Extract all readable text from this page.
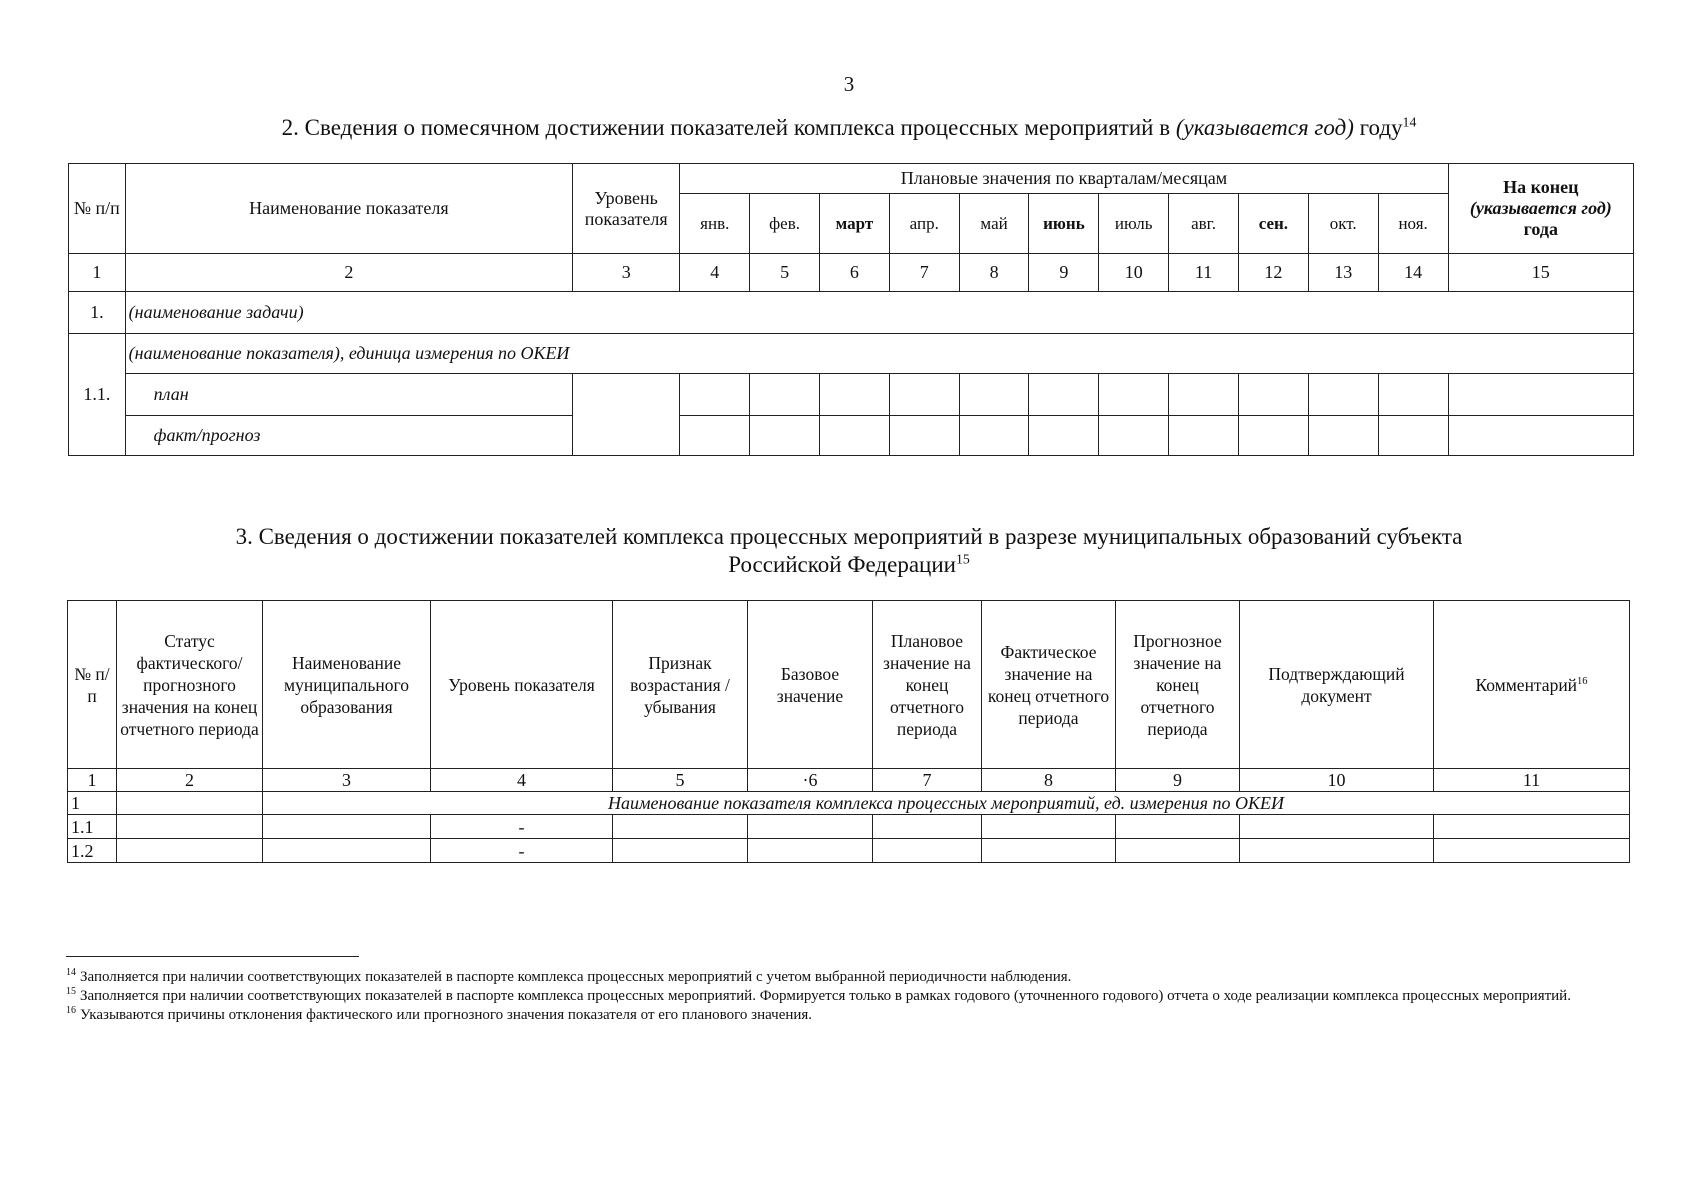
3
2. Сведения о помесячном достижении показателей комплекса процессных мероприятий в (указывается год) году$^{14}$
№ п/п	Наименование показателя	Уровень показателя	Плановые значения по кварталам/месяцам											На конец
(указывается год)
года
			янв.	фев.	март	апр.	май	июнь	июль	авг.	сен.	окт.	ноя.	
1	2	3	4	5	6	7	8	9	10	11	12	13	14	15
1.	(наименование задачи)													
1.1.	(наименование показателя), единица измерения по ОКЕИ													
	план													
	факт/прогноз													
3. Сведения о достижении показателей комплекса процессных мероприятий в разрезе муниципальных образований субъекта
Российской Федерации$^{15}$
№ п/п	Статус фактического/ прогнозного значения на конец отчетного периода	Наименование муниципального образования	Уровень показателя	Признак возрастания / убывания	Базовое значение	Плановое значение на конец отчетного периода	Фактическое значение на конец отчетного периода	Прогнозное значение на конец отчетного периода	Подтверждающий документ	Комментарий$^{16}$
1	2	3	4	5	·6	7	8	9	10	11
1		Наименование показателя комплекса процессных мероприятий, ед. измерения по ОКЕИ								
1.1			-							
1.2			-							

$^{14}$ Заполняется при наличии соответствующих показателей в паспорте комплекса процессных мероприятий с учетом выбранной периодичности наблюдения.

$^{15}$ Заполняется при наличии соответствующих показателей в паспорте комплекса процессных мероприятий. Формируется только в рамках годового (уточненного годового) отчета о ходе реализации комплекса процессных мероприятий.

$^{16}$ Указываются причины отклонения фактического или прогнозного значения показателя от его планового значения.
